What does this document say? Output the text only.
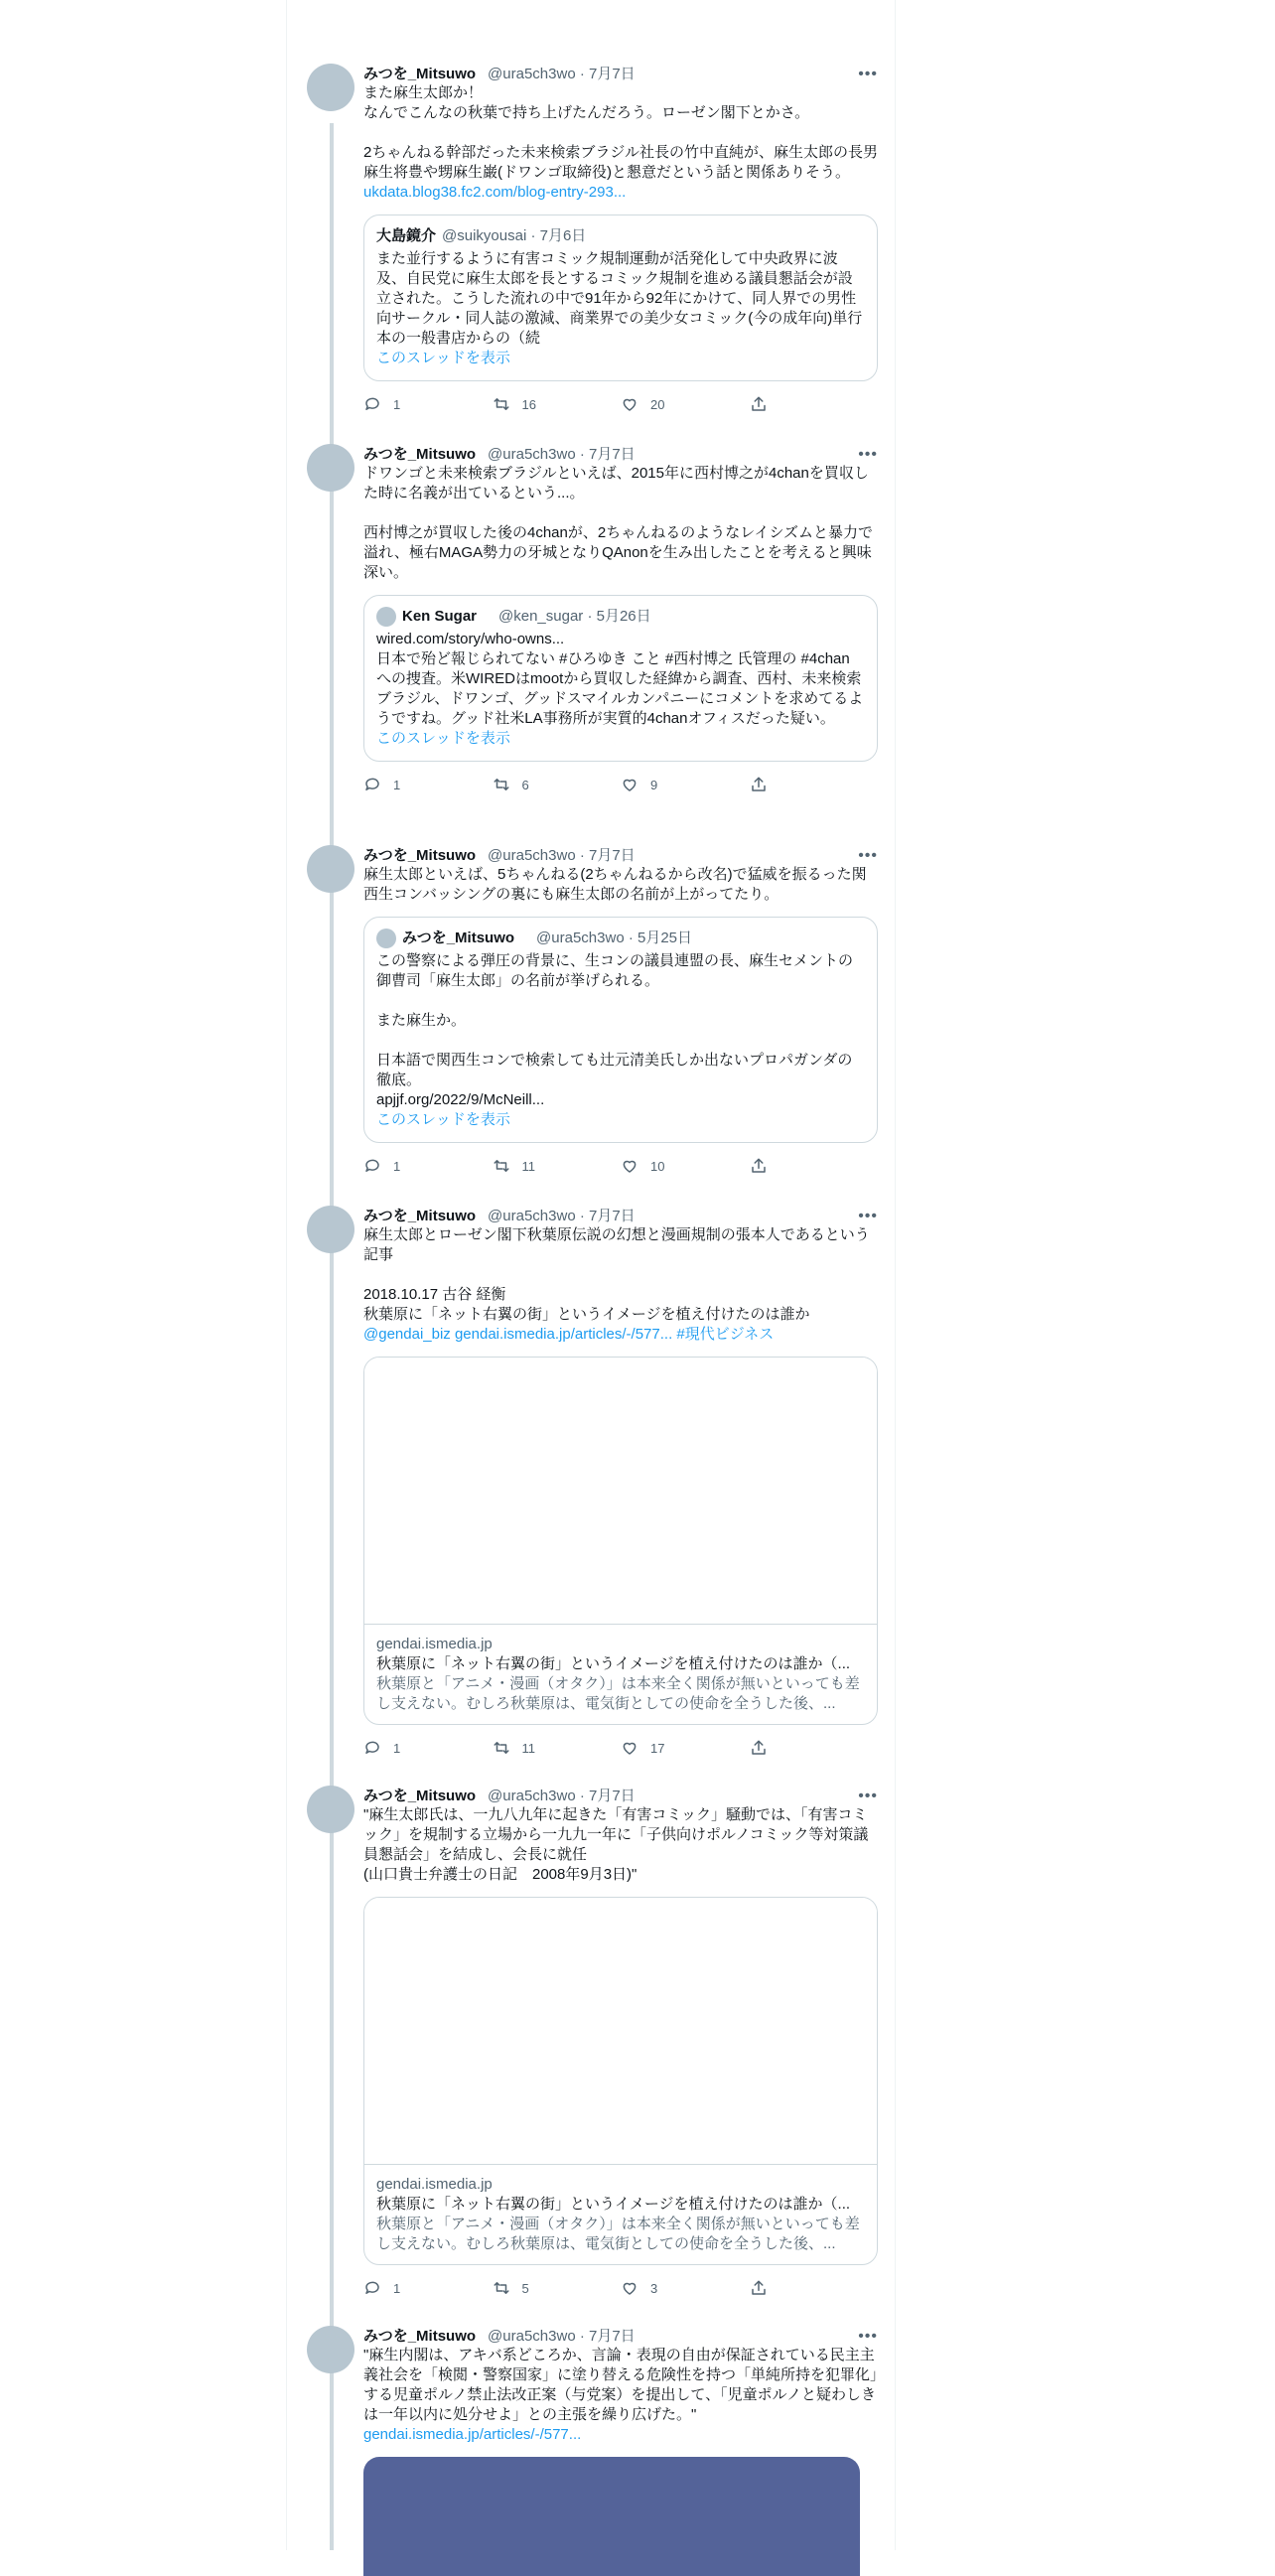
みつを_Mitsuwo @ura5ch3wo · 7月7日	•••

また麻生太郎か！
なんでこんなの秋葉で持ち上げたんだろう。ローゼン閣下とかさ。

2ちゃんねる幹部だった未来検索ブラジル社長の竹中直純が、麻生太郎の長男麻生将豊や甥麻生巌(ドワンゴ取締役)と懇意だという話と関係ありそう。

ukdata.blog38.fc2.com/blog-entry-293...

大島鏡介 @suikyousai · 7月6日
また並行するように有害コミック規制運動が活発化して中央政界に波及、自民党に麻生太郎を長とするコミック規制を進める議員懇話会が設立された。こうした流れの中で91年から92年にかけて、同人界での男性向サークル・同人誌の激減、商業界での美少女コミック(今の成年向)単行本の一般書店からの（続
このスレッドを表示
1	16	20
みつを_Mitsuwo @ura5ch3wo · 7月7日	•••

ドワンゴと未来検索ブラジルといえば、2015年に西村博之が4chanを買収した時に名義が出ているという...。

西村博之が買収した後の4chanが、2ちゃんねるのようなレイシズムと暴力で溢れ、極右MAGA勢力の牙城となりQAnonを生み出したことを考えると興味深い。

Ken Sugar @ken_sugar · 5月26日
wired.com/story/who-owns...
日本で殆ど報じられてない #ひろゆき こと #西村博之 氏管理の #4chan への捜査。米WIREDはmootから買収した経緯から調査、西村、未来検索ブラジル、ドワンゴ、グッドスマイルカンパニーにコメントを求めてるようですね。グッド社米LA事務所が実質的4chanオフィスだった疑い。
このスレッドを表示
1	6	9
みつを_Mitsuwo @ura5ch3wo · 7月7日	•••

麻生太郎といえば、5ちゃんねる(2ちゃんねるから改名)で猛威を振るった関西生コンバッシングの裏にも麻生太郎の名前が上がってたり。

みつを_Mitsuwo @ura5ch3wo · 5月25日
この警察による弾圧の背景に、生コンの議員連盟の長、麻生セメントの御曹司「麻生太郎」の名前が挙げられる。

また麻生か。

日本語で関西生コンで検索しても辻元清美氏しか出ないプロパガンダの徹底。
apjjf.org/2022/9/McNeill...
このスレッドを表示
1	11	10
みつを_Mitsuwo @ura5ch3wo · 7月7日	•••

麻生太郎とローゼン閣下秋葉原伝説の幻想と漫画規制の張本人であるという記事

2018.10.17 古谷 経衡
秋葉原に「ネット右翼の街」というイメージを植え付けたのは誰か

@gendai_biz gendai.ismedia.jp/articles/-/577... #現代ビジネス

gendai.ismedia.jp
秋葉原に「ネット右翼の街」というイメージを植え付けたのは誰か（...
秋葉原と「アニメ・漫画（オタク）」は本来全く関係が無いといっても差し支えない。むしろ秋葉原は、電気街としての使命を全うした後、...
1	11	17
みつを_Mitsuwo @ura5ch3wo · 7月7日	•••

"麻生太郎氏は、一九八九年に起きた「有害コミック」騒動では、「有害コミック」を規制する立場から一九九一年に「子供向けポルノコミック等対策議員懇話会」を結成し、会長に就任
(山口貴士弁護士の日記　2008年9月3日)"

gendai.ismedia.jp
秋葉原に「ネット右翼の街」というイメージを植え付けたのは誰か（...
秋葉原と「アニメ・漫画（オタク）」は本来全く関係が無いといっても差し支えない。むしろ秋葉原は、電気街としての使命を全うした後、...
1	5	3
みつを_Mitsuwo @ura5ch3wo · 7月7日	•••

"麻生内閣は、アキバ系どころか、言論・表現の自由が保証されている民主主義社会を「検閲・警察国家」に塗り替える危険性を持つ「単純所持を犯罪化」する児童ポルノ禁止法改正案（与党案）を提出して、「児童ポルノと疑わしきは一年以内に処分せよ」との主張を繰り広げた。"

gendai.ismedia.jp/articles/-/577...
